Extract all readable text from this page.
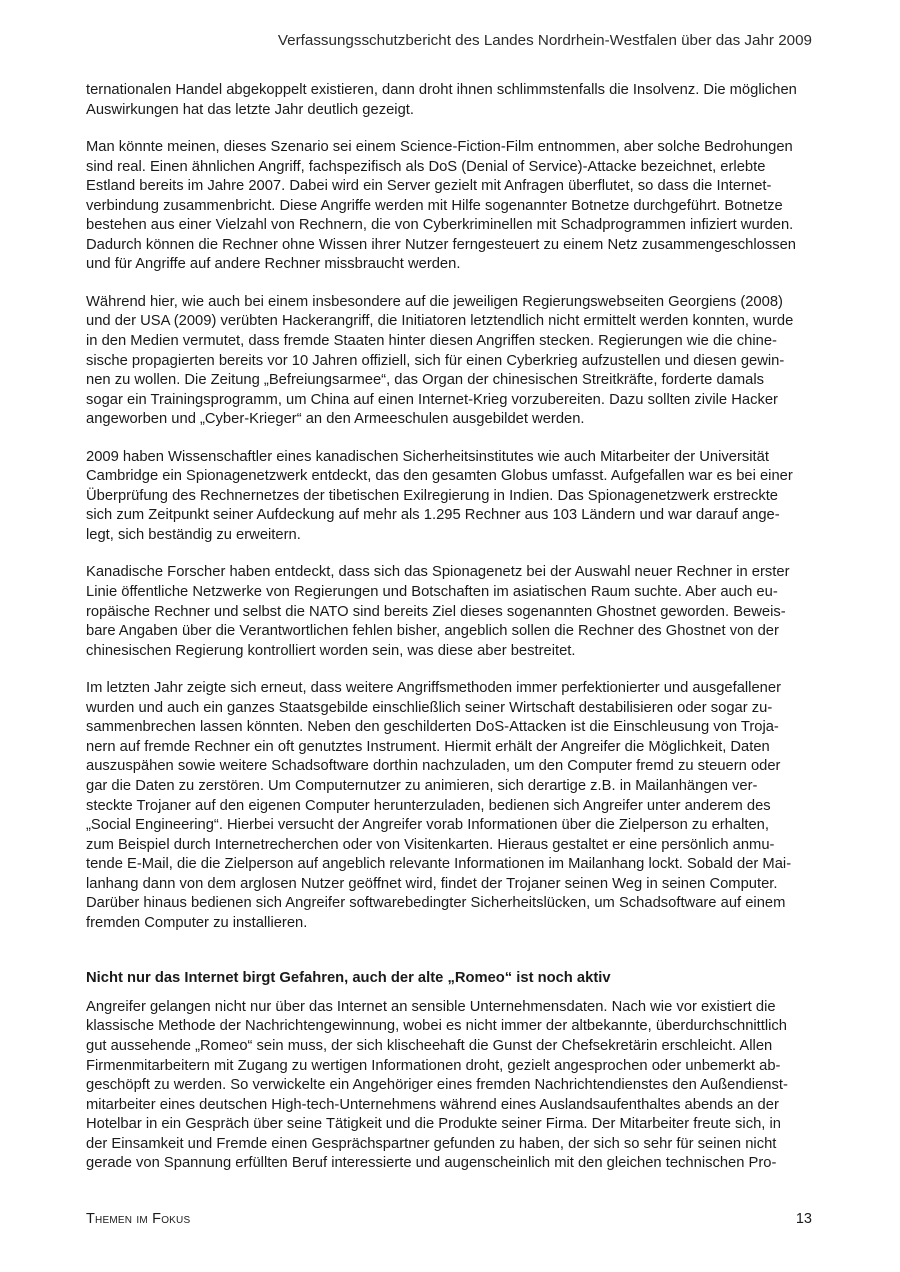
Verfassungsschutzbericht des Landes Nordrhein-Westfalen über das Jahr 2009

ternationalen Handel abgekoppelt existieren, dann droht ihnen schlimmstenfalls die Insolvenz. Die möglichen
Auswirkungen hat das letzte Jahr deutlich gezeigt.

Man könnte meinen, dieses Szenario sei einem Science-Fiction-Film entnommen, aber solche Bedrohungen
sind real. Einen ähnlichen Angriff, fachspezifisch als DoS (Denial of Service)-Attacke bezeichnet, erlebte
Estland bereits im Jahre 2007. Dabei wird ein Server gezielt mit Anfragen überflutet, so dass die Internet-
verbindung zusammenbricht. Diese Angriffe werden mit Hilfe sogenannter Botnetze durchgeführt. Botnetze
bestehen aus einer Vielzahl von Rechnern, die von Cyberkriminellen mit Schadprogrammen infiziert wurden.
Dadurch können die Rechner ohne Wissen ihrer Nutzer ferngesteuert zu einem Netz zusammengeschlossen
und für Angriffe auf andere Rechner missbraucht werden.

Während hier, wie auch bei einem insbesondere auf die jeweiligen Regierungswebseiten Georgiens (2008)
und der USA (2009) verübten Hackerangriff, die Initiatoren letztendlich nicht ermittelt werden konnten, wurde
in den Medien vermutet, dass fremde Staaten hinter diesen Angriffen stecken. Regierungen wie die chine-
sische propagierten bereits vor 10 Jahren offiziell, sich für einen Cyberkrieg aufzustellen und diesen gewin-
nen zu wollen. Die Zeitung „Befreiungsarmee“, das Organ der chinesischen Streitkräfte, forderte damals
sogar ein Trainingsprogramm, um China auf einen Internet-Krieg vorzubereiten. Dazu sollten zivile Hacker
angeworben und „Cyber-Krieger“ an den Armeeschulen ausgebildet werden.

2009 haben Wissenschaftler eines kanadischen Sicherheitsinstitutes wie auch Mitarbeiter der Universität
Cambridge ein Spionagenetzwerk entdeckt, das den gesamten Globus umfasst. Aufgefallen war es bei einer
Überprüfung des Rechnernetzes der tibetischen Exilregierung in Indien. Das Spionagenetzwerk erstreckte
sich zum Zeitpunkt seiner Aufdeckung auf mehr als 1.295 Rechner aus 103 Ländern und war darauf ange-
legt, sich beständig zu erweitern.

Kanadische Forscher haben entdeckt, dass sich das Spionagenetz bei der Auswahl neuer Rechner in erster
Linie öffentliche Netzwerke von Regierungen und Botschaften im asiatischen Raum suchte. Aber auch eu-
ropäische Rechner und selbst die NATO sind bereits Ziel dieses sogenannten Ghostnet geworden. Beweis-
bare Angaben über die Verantwortlichen fehlen bisher, angeblich sollen die Rechner des Ghostnet von der
chinesischen Regierung kontrolliert worden sein, was diese aber bestreitet.

Im letzten Jahr zeigte sich erneut, dass weitere Angriffsmethoden immer perfektionierter und ausgefallener
wurden und auch ein ganzes Staatsgebilde einschließlich seiner Wirtschaft destabilisieren oder sogar zu-
sammenbrechen lassen könnten. Neben den geschilderten DoS-Attacken ist die Einschleusung von Troja-
nern auf fremde Rechner ein oft genutztes Instrument. Hiermit erhält der Angreifer die Möglichkeit, Daten
auszuspähen sowie weitere Schadsoftware dorthin nachzuladen, um den Computer fremd zu steuern oder
gar die Daten zu zerstören. Um Computernutzer zu animieren, sich derartige z.B. in Mailanhängen ver-
steckte Trojaner auf den eigenen Computer herunterzuladen, bedienen sich Angreifer unter anderem des
„Social Engineering“. Hierbei versucht der Angreifer vorab Informationen über die Zielperson zu erhalten,
zum Beispiel durch Internetrecherchen oder von Visitenkarten. Hieraus gestaltet er eine persönlich anmu-
tende E-Mail, die die Zielperson auf angeblich relevante Informationen im Mailanhang lockt. Sobald der Mai-
lanhang dann von dem arglosen Nutzer geöffnet wird, findet der Trojaner seinen Weg in seinen Computer.
Darüber hinaus bedienen sich Angreifer softwarebedingter Sicherheitslücken, um Schadsoftware auf einem
fremden Computer zu installieren.

Nicht nur das Internet birgt Gefahren, auch der alte „Romeo“ ist noch aktiv

Angreifer gelangen nicht nur über das Internet an sensible Unternehmensdaten. Nach wie vor existiert die
klassische Methode der Nachrichtengewinnung, wobei es nicht immer der altbekannte, überdurchschnittlich
gut aussehende „Romeo“ sein muss, der sich klischeehaft die Gunst der Chefsekretärin erschleicht. Allen
Firmenmitarbeitern mit Zugang zu wertigen Informationen droht, gezielt angesprochen oder unbemerkt ab-
geschöpft zu werden. So verwickelte ein Angehöriger eines fremden Nachrichtendienstes den Außendienst-
mitarbeiter eines deutschen High-tech-Unternehmens während eines Auslandsaufenthaltes abends an der
Hotelbar in ein Gespräch über seine Tätigkeit und die Produkte seiner Firma. Der Mitarbeiter freute sich, in
der Einsamkeit und Fremde einen Gesprächspartner gefunden zu haben, der sich so sehr für seinen nicht
gerade von Spannung erfüllten Beruf interessierte und augenscheinlich mit den gleichen technischen Pro-

Themen im Fokus	13
